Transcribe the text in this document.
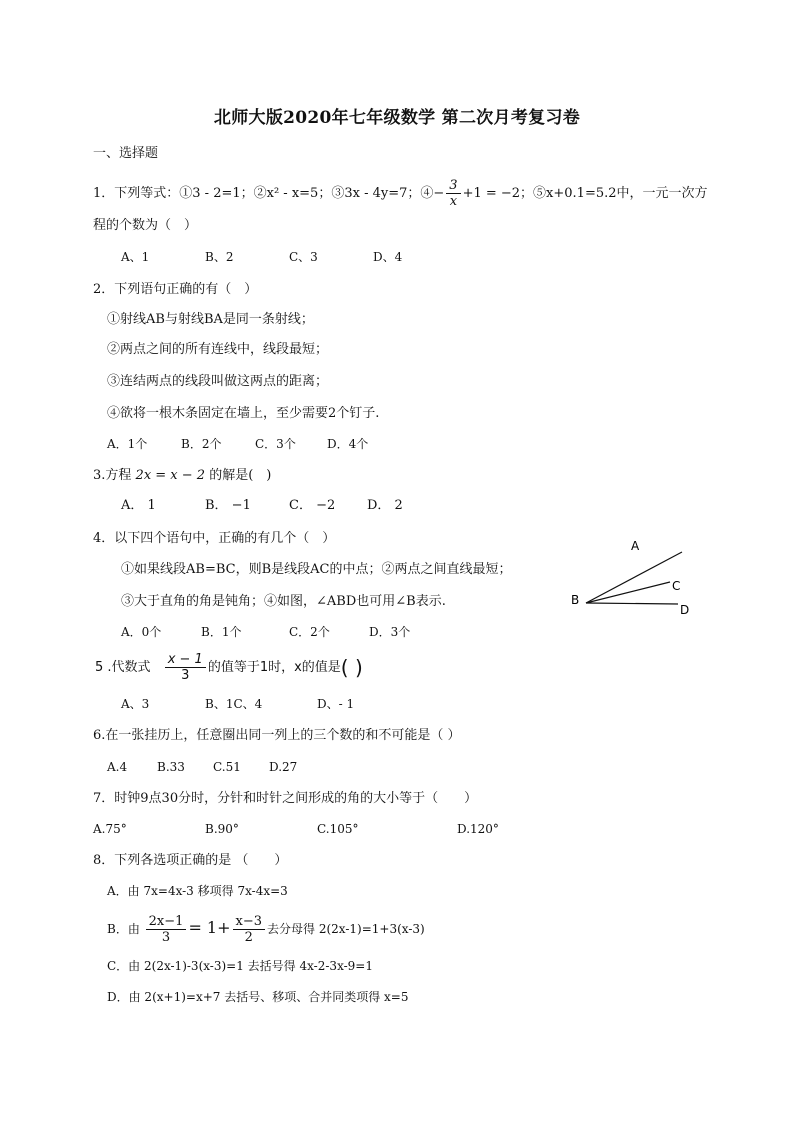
北师大版2020年七年级数学 第二次月考复习卷
一、选择题
1．下列等式：①3 - 2=1；②x² - x=5；③3x - 4y=7；④− $\frac{3}{x} +1 = -2$；⑤x+0.1=5.2中，一元一次方
程的个数为（　）
A、1	B、2	C、3	D、4
2．下列语句正确的有（　）
①射线AB与射线BA是同一条射线；
②两点之间的所有连线中，线段最短；
③连结两点的线段叫做这两点的距离；
④欲将一根木条固定在墙上，至少需要2个钉子.
A．1个	B．2个	C．3个	D．4个
3.方程 2x = x − 2 的解是(　)
A． 1	B． −1	C． −2 D． 2
4．以下四个语句中，正确的有几个（　）
①如果线段AB=BC，则B是线段AC的中点；②两点之间直线最短；
③大于直角的角是钝角；④如图，∠ABD也可用∠B表示.
A．0个	B．1个	C．2个	D．3个
A
B
C
D
5 .代数式 $\frac{x - 1}{3}$ 的值等于1时，x的值是( )
A、3	B、1C、4	D、- 1
6.在一张挂历上，任意圈出同一列上的三个数的和不可能是（ ）
A.4 B.33 C.51 D.27
7．时钟9点30分时，分针和时针之间形成的角的大小等于（　　）
A.75°	B.90°	C.105°	D.120°
8．下列各选项正确的是 （　　）
A．由 7x=4x-3 移项得 7x-4x=3
B．由 $\frac{2x-1}{3} = 1+ \frac{x-3}{2}$ 去分母得 2(2x-1)=1+3(x-3)
C．由 2(2x-1)-3(x-3)=1 去括号得 4x-2-3x-9=1
D．由 2(x+1)=x+7 去括号、移项、合并同类项得 x=5
